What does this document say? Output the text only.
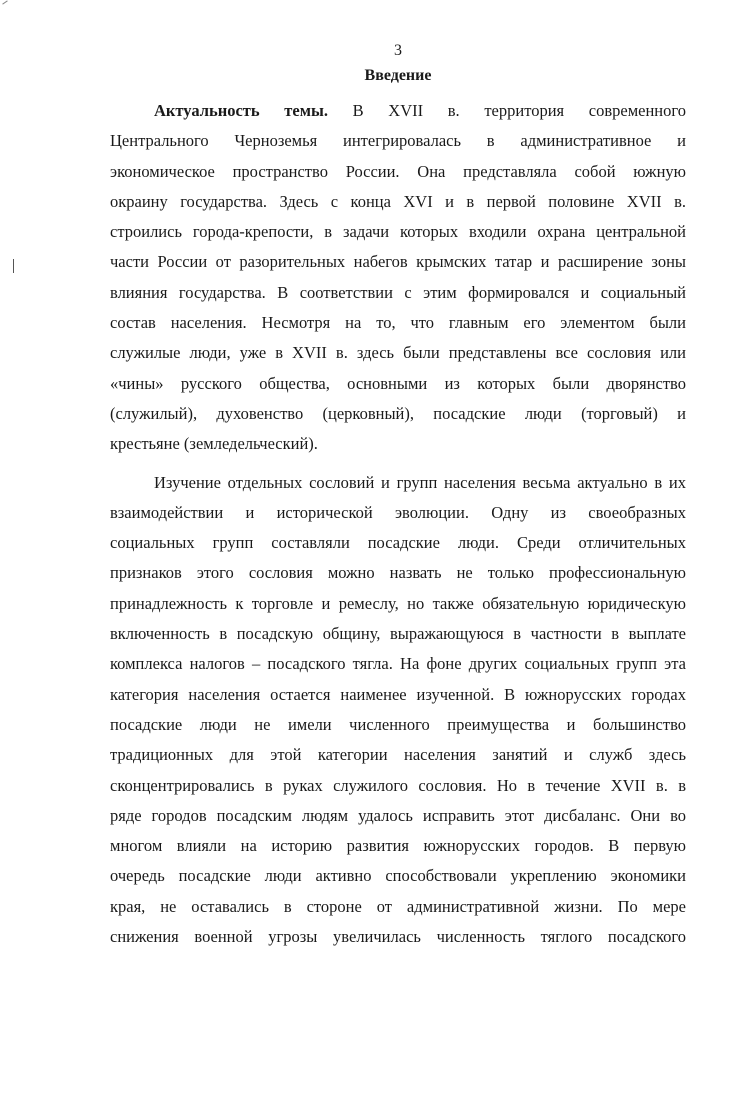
3
Введение
Актуальность темы. В XVII в. территория современного
Центрального Черноземья интегрировалась в административное и
экономическое пространство России. Она представляла собой южную
окраину государства. Здесь с конца XVI и в первой половине XVII в.
строились города-крепости, в задачи которых входили охрана центральной
части России от разорительных набегов крымских татар и расширение зоны
влияния государства. В соответствии с этим формировался и социальный
состав населения. Несмотря на то, что главным его элементом были
служилые люди, уже в XVII в. здесь были представлены все сословия или
«чины» русского общества, основными из которых были дворянство
(служилый), духовенство (церковный), посадские люди (торговый) и
крестьяне (земледельческий).
Изучение отдельных сословий и групп населения весьма актуально в их
взаимодействии и исторической эволюции. Одну из своеобразных
социальных групп составляли посадские люди. Среди отличительных
признаков этого сословия можно назвать не только профессиональную
принадлежность к торговле и ремеслу, но также обязательную юридическую
включенность в посадскую общину, выражающуюся в частности в выплате
комплекса налогов – посадского тягла. На фоне других социальных групп эта
категория населения остается наименее изученной. В южнорусских городах
посадские люди не имели численного преимущества и большинство
традиционных для этой категории населения занятий и служб здесь
сконцентрировались в руках служилого сословия. Но в течение XVII в. в
ряде городов посадским людям удалось исправить этот дисбаланс. Они во
многом влияли на историю развития южнорусских городов. В первую
очередь посадские люди активно способствовали укреплению экономики
края, не оставались в стороне от административной жизни. По мере
снижения военной угрозы увеличилась численность тяглого посадского
